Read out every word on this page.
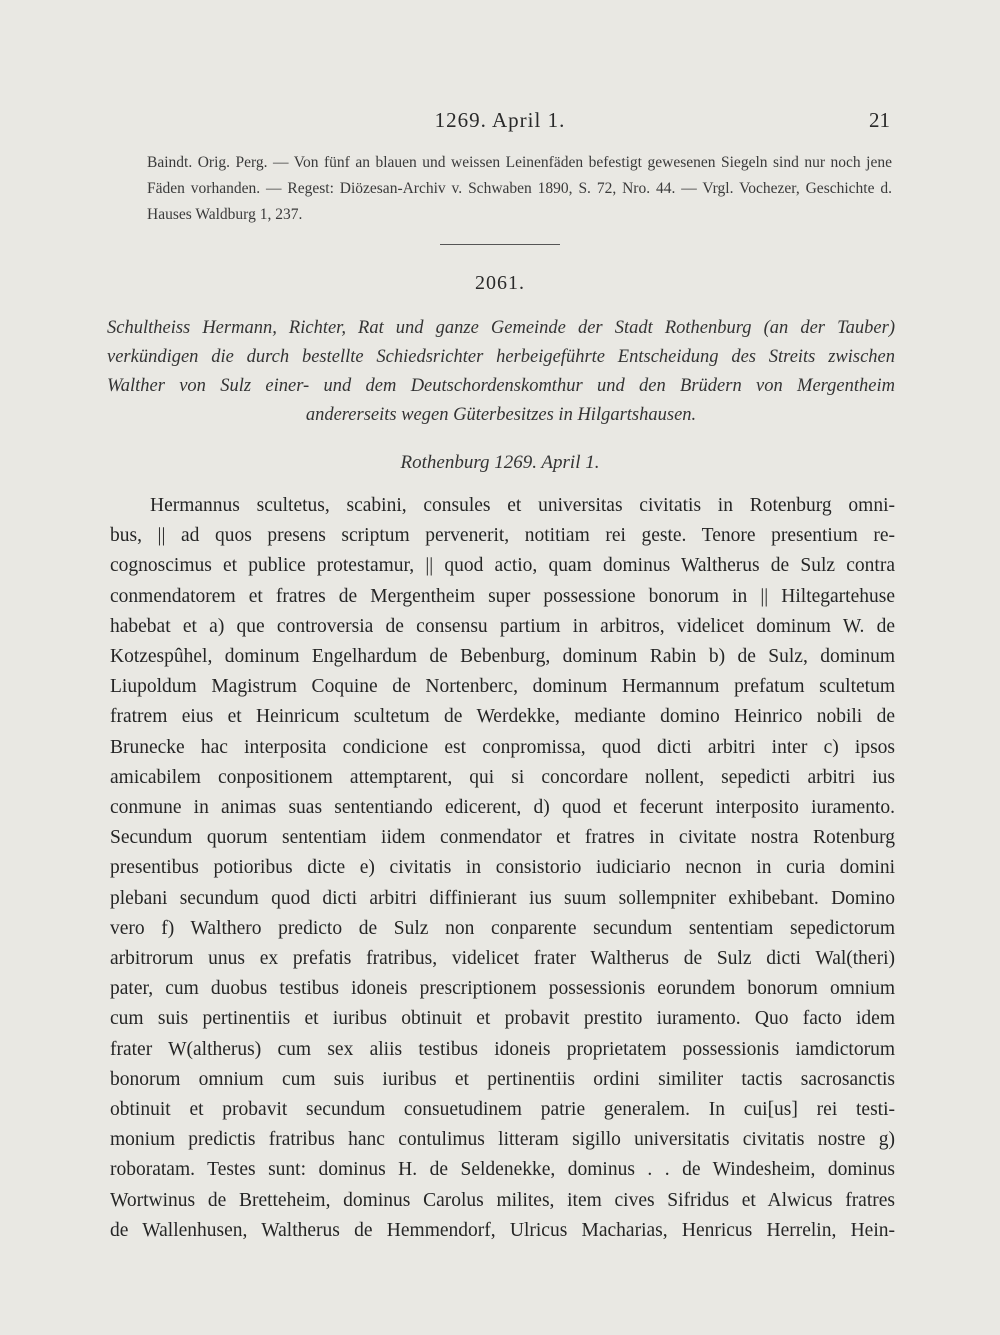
1269. April 1.	21
Baindt. Orig. Perg. — Von fünf an blauen und weissen Leinenfäden befestigt gewesenen Siegeln sind nur noch jene Fäden vorhanden. — Regest: Diözesan-Archiv v. Schwaben 1890, S. 72, Nro. 44. — Vrgl. Vochezer, Geschichte d. Hauses Waldburg 1, 237.
2061.
Schultheiss Hermann, Richter, Rat und ganze Gemeinde der Stadt Rothenburg (an der Tauber)
verkündigen die durch bestellte Schiedsrichter herbeigeführte Entscheidung des Streits zwischen
Walther von Sulz einer- und dem Deutschordenskomthur und den Brüdern von Mergentheim
andererseits wegen Güterbesitzes in Hilgartshausen.
Rothenburg 1269. April 1.
Hermannus scultetus, scabini, consules et universitas civitatis in Rotenburg omni-
bus, || ad quos presens scriptum pervenerit, notitiam rei geste. Tenore presentium re-
cognoscimus et publice protestamur, || quod actio, quam dominus Waltherus de Sulz contra
conmendatorem et fratres de Mergentheim super possessione bonorum in || Hiltegartehuse
habebat et a) que controversia de consensu partium in arbitros, videlicet dominum W. de
Kotzespûhel, dominum Engelhardum de Bebenburg, dominum Rabin b) de Sulz, dominum
Liupoldum Magistrum Coquine de Nortenberc, dominum Hermannum prefatum scultetum
fratrem eius et Heinricum scultetum de Werdekke, mediante domino Heinrico nobili de
Brunecke hac interposita condicione est conpromissa, quod dicti arbitri inter c) ipsos
amicabilem conpositionem attemptarent, qui si concordare nollent, sepedicti arbitri ius
conmune in animas suas sententiando edicerent, d) quod et fecerunt interposito iuramento.
Secundum quorum sententiam iidem conmendator et fratres in civitate nostra Rotenburg
presentibus potioribus dicte e) civitatis in consistorio iudiciario necnon in curia domini
plebani secundum quod dicti arbitri diffinierant ius suum sollempniter exhibebant. Domino
vero f) Walthero predicto de Sulz non conparente secundum sententiam sepedictorum
arbitrorum unus ex prefatis fratribus, videlicet frater Waltherus de Sulz dicti Wal(theri)
pater, cum duobus testibus idoneis prescriptionem possessionis eorundem bonorum omnium
cum suis pertinentiis et iuribus obtinuit et probavit prestito iuramento. Quo facto idem
frater W(altherus) cum sex aliis testibus idoneis proprietatem possessionis iamdictorum
bonorum omnium cum suis iuribus et pertinentiis ordini similiter tactis sacrosanctis
obtinuit et probavit secundum consuetudinem patrie generalem. In cui[us] rei testi-
monium predictis fratribus hanc contulimus litteram sigillo universitatis civitatis nostre g)
roboratam. Testes sunt: dominus H. de Seldenekke, dominus . . de Windesheim, dominus
Wortwinus de Bretteheim, dominus Carolus milites, item cives Sifridus et Alwicus fratres
de Wallenhusen, Waltherus de Hemmendorf, Ulricus Macharias, Henricus Herrelin, Hein-
